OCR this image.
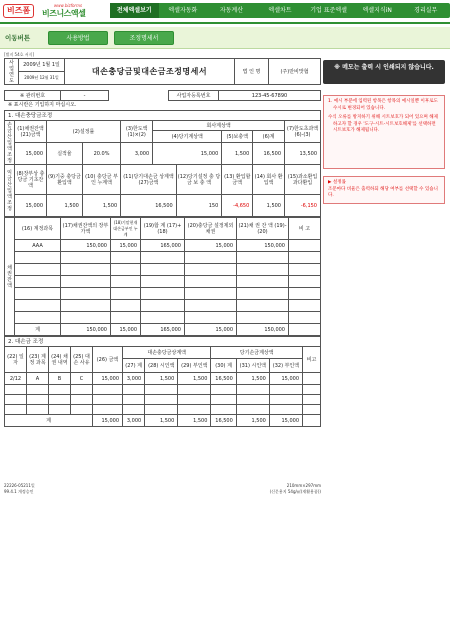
비즈폼
www.bizforms
비즈니스액셀	전체엑셀보기	엑셀자동화	자동계산	엑셀차트	기업 표준엑셀	엑셀지식iN	경리실무
이동버튼	사용방법	조정명세서
[별지 54호 서식]
사 업 연 도	2009년 1월 1일	대손충당금및대손금조정명세서	법 인 명	(주)만비맛협
2009년 12월 31일
※ 관리번호	-		사업자등록번호	123-45-67890
※ 표시란은 기입하지 마십시오.
1. 대손충당금조정									
손금산입액조정	(1)채권잔액 (21)금액	(2)설정률		(3)한도액 (1)×(2)	회사계상액				(7)한도초과액 (6)-(3)
					(4)당기계상액		(5)보충액	(6)계	
	15,000	실적율	20.0%	3,000	15,000		1,500	16,500	13,500
익금산입액조정	(8)장부상 충당금 기초잔액	(9)기중 충당금 환입액	(10) 충당금 부인 누계액	(11)당기대손금 상계액 (27)금액		(12)당기설정 충 당 금 보 충 액	(13) 환입할 금액	(14) 회사 환입액	(15)과소환입 과다환입
	15,000	1,500	1,500	16,500		150	-4,650	1,500	-6,150
채 권 잔 액	(16) 계정과목	(17)채권잔액의 장부가액	(18)기말현재 대손금부인 누계	(19)합 계 (17)+(18)	(20)충당금 설정제외채권	(21)채 권 잔 액 (19)-(20)	비 고
	AAA	150,000	15,000	165,000	15,000	150,000	

	계	150,000	15,000	165,000	15,000	150,000	
2. 대손금 조정											
(22) 일자	(23) 계정 과목	(24) 채권 내역	(25) 대손 사유	(26) 금액	대손충당금상계액			당기손금계상액			비고
					(27) 계	(28) 시인액	(29) 부인액	(30) 계	(31) 시인액	(32) 부인액	
2/12	A	B	C	15,000	3,000	1,500	1,500	16,500	1,500	15,000	

계				15,000	3,000	1,500	1,500	16,500	1,500	15,000	
22226-05211일
99.4.1 개정승인
210mm×297mm
(신문용지 54g/㎡(재활용품))
※ 메모는 출력 시 인쇄되지 않습니다.

1. 예시 부분에 입력된 항목은 항목의 예시일뿐 이후로도 수시로 변경되어 있습니다.

수식 오류를 방지하기 위해 시트보호가 되어 있으며 해제하고자 할 경우 '도구-시트-시트보호해제'를 선택하면 시트보호가 해제됩니다.

▶ 설정률
조문마다 비율은 출력하되 해당 여부를 선택할 수 있습니다.
